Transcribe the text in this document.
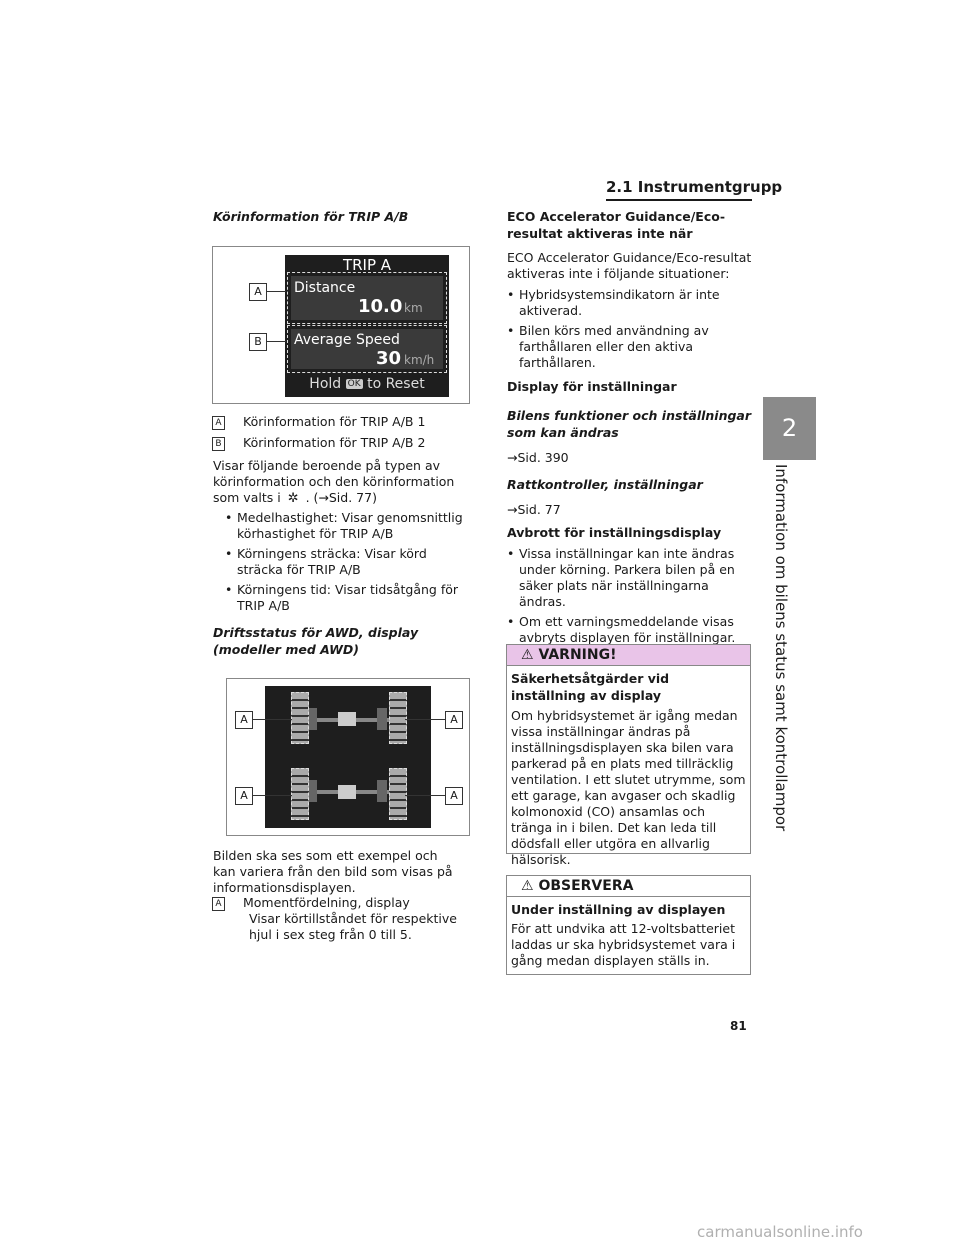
2.1 Instrumentgrupp
2
Information om bilens status samt kontrollampor
Körinformation för TRIP A/B
TRIP A
Distance
10.0 km
Average Speed
30 km/h
Hold OK to Reset
A
B
A Körinformation för TRIP A/B 1
B Körinformation för TRIP A/B 2
Visar följande beroende på typen av
körinformation och den körinformation
som valts i ✲ . (→Sid. 77)
• Medelhastighet: Visar genomsnittlig körhastighet för TRIP A/B
• Körningens sträcka: Visar körd sträcka för TRIP A/B
• Körningens tid: Visar tidsåtgång för TRIP A/B
Driftsstatus för AWD, display (modeller med AWD)
A	A
A	A
Bilden ska ses som ett exempel och kan variera från den bild som visas på informationsdisplayen.
A Momentfördelning, display
Visar körtillståndet för respektive hjul i sex steg från 0 till 5.
ECO Accelerator Guidance/Eco-resultat aktiveras inte när
ECO Accelerator Guidance/Eco-resultat aktiveras inte i följande situationer:
• Hybridsystemsindikatorn är inte aktiverad.
• Bilen körs med användning av farthållaren eller den aktiva farthållaren.
Display för inställningar
Bilens funktioner och inställningar som kan ändras
→Sid. 390
Rattkontroller, inställningar
→Sid. 77
Avbrott för inställningsdisplay
• Vissa inställningar kan inte ändras under körning. Parkera bilen på en säker plats när inställningarna ändras.
• Om ett varningsmeddelande visas avbryts displayen för inställningar.
⚠ VARNING!
Säkerhetsåtgärder vid inställning av display
Om hybridsystemet är igång medan vissa inställningar ändras på inställningsdisplayen ska bilen vara parkerad på en plats med tillräcklig ventilation. I ett slutet utrymme, som ett garage, kan avgaser och skadlig kolmonoxid (CO) ansamlas och tränga in i bilen. Det kan leda till dödsfall eller utgöra en allvarlig hälsorisk.
⚠ OBSERVERA
Under inställning av displayen
För att undvika att 12-voltsbatteriet laddas ur ska hybridsystemet vara i gång medan displayen ställs in.
81
carmanualsonline.info
